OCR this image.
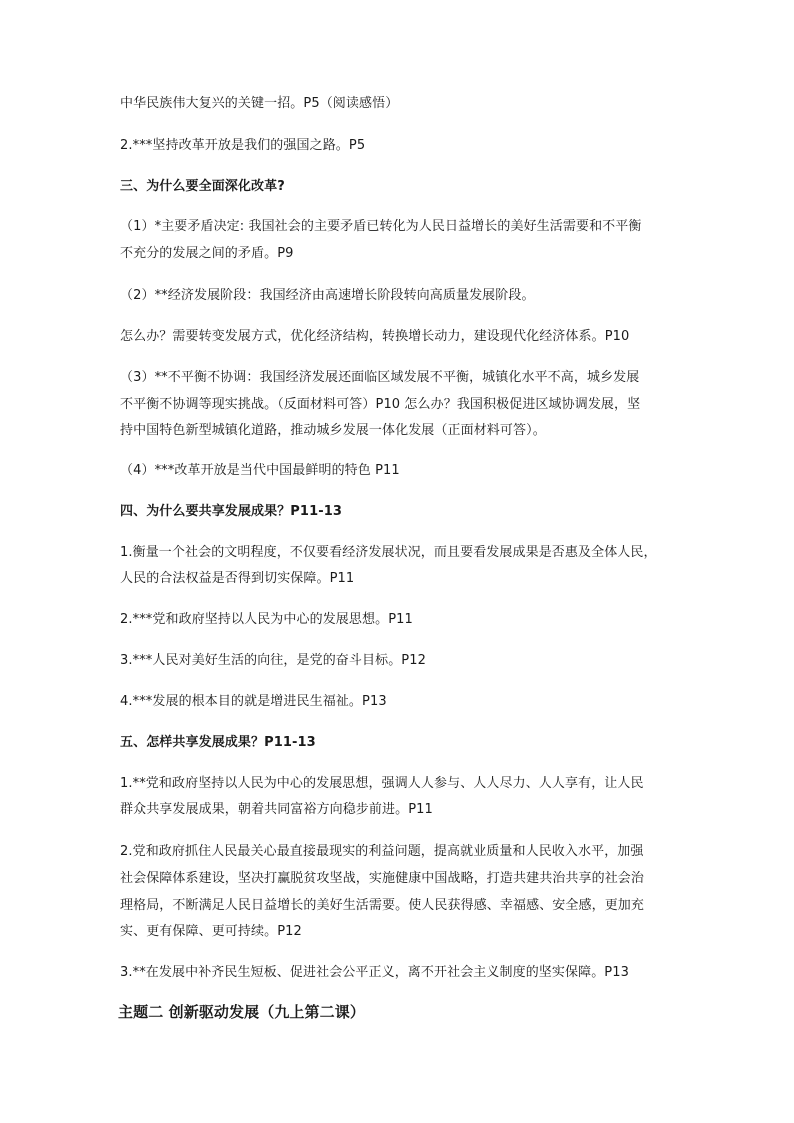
中华民族伟大复兴的关键一招。P5（阅读感悟）
2.***坚持改革开放是我们的强国之路。P5
三、为什么要全面深化改革?
（1）*主要矛盾决定: 我国社会的主要矛盾已转化为人民日益增长的美好生活需要和不平衡
不充分的发展之间的矛盾。P9
（2）**经济发展阶段：我国经济由高速增长阶段转向高质量发展阶段。
怎么办？需要转变发展方式，优化经济结构，转换增长动力，建设现代化经济体系。P10
（3）**不平衡不协调：我国经济发展还面临区域发展不平衡，城镇化水平不高，城乡发展
不平衡不协调等现实挑战。（反面材料可答）P10 怎么办？我国积极促进区域协调发展，坚
持中国特色新型城镇化道路，推动城乡发展一体化发展（正面材料可答）。
（4）***改革开放是当代中国最鲜明的特色 P11
四、为什么要共享发展成果？P11-13
1.衡量一个社会的文明程度，不仅要看经济发展状况，而且要看发展成果是否惠及全体人民，
人民的合法权益是否得到切实保障。P11
2.***党和政府坚持以人民为中心的发展思想。P11
3.***人民对美好生活的向往，是党的奋斗目标。P12
4.***发展的根本目的就是增进民生福祉。P13
五、怎样共享发展成果？P11-13
1.**党和政府坚持以人民为中心的发展思想，强调人人参与、人人尽力、人人享有，让人民
群众共享发展成果，朝着共同富裕方向稳步前进。P11
2.党和政府抓住人民最关心最直接最现实的利益问题，提高就业质量和人民收入水平，加强
社会保障体系建设，坚决打赢脱贫攻坚战，实施健康中国战略，打造共建共治共享的社会治
理格局，不断满足人民日益增长的美好生活需要。使人民获得感、幸福感、安全感，更加充
实、更有保障、更可持续。P12
3.**在发展中补齐民生短板、促进社会公平正义，离不开社会主义制度的坚实保障。P13
主题二 创新驱动发展（九上第二课）
